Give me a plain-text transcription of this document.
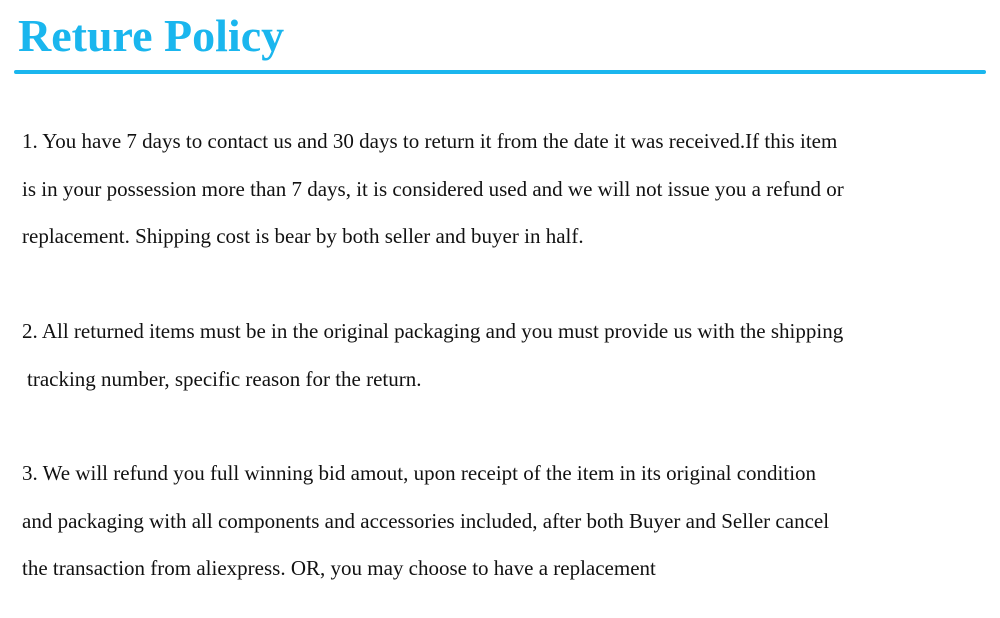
Reture Policy
1. You have 7 days to contact us and 30 days to return it from the date it was received.If this item
is in your possession more than 7 days, it is considered used and we will not issue you a refund or
replacement. Shipping cost is bear by both seller and buyer in half.
2. All returned items must be in the original packaging and you must provide us with the shipping
tracking number, specific reason for the return.
3. We will refund you full winning bid amout, upon receipt of the item in its original condition
and packaging with all components and accessories included, after both Buyer and Seller cancel
the transaction from aliexpress. OR, you may choose to have a replacement
